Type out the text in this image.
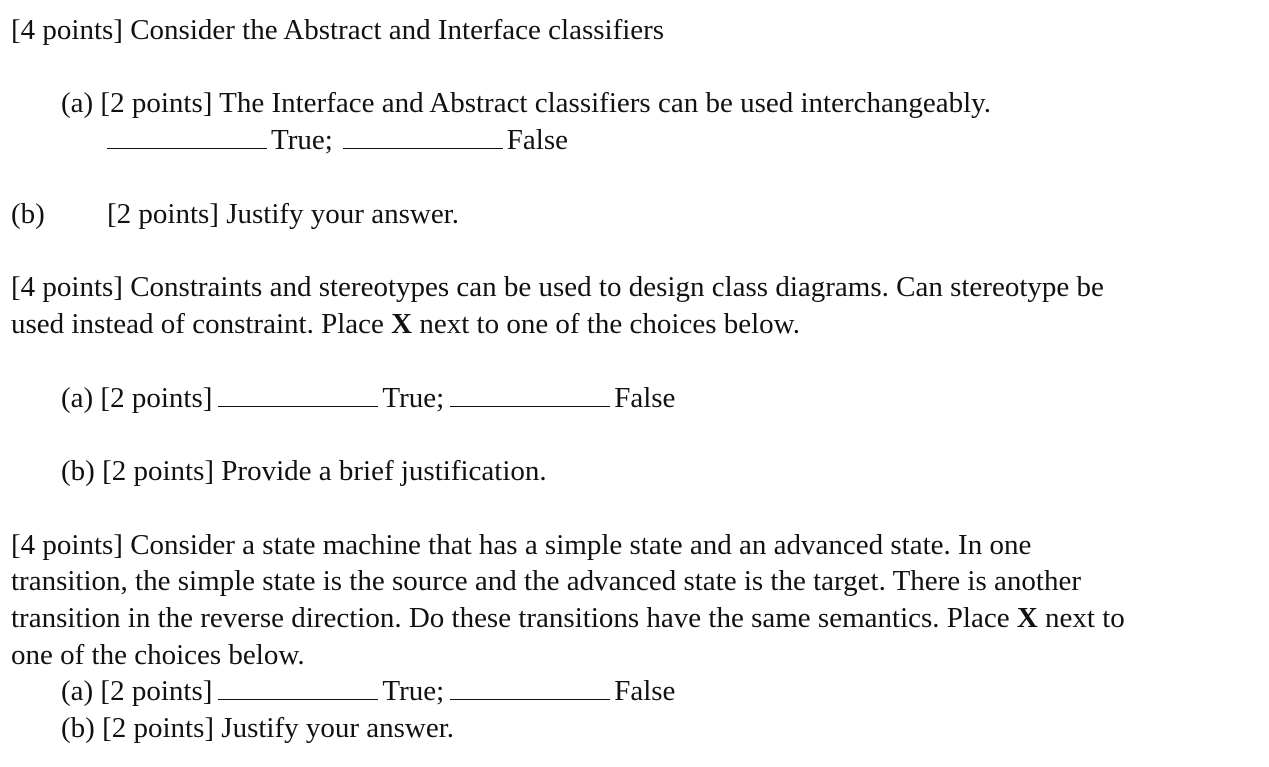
[4 points] Consider the Abstract and Interface classifiers
(a) [2 points] The Interface and Abstract classifiers can be used interchangeably.
True;	False
(b) [2 points] Justify your answer.
[4 points] Constraints and stereotypes can be used to design class diagrams. Can stereotype be
used instead of constraint. Place X next to one of the choices below.
(a) [2 points]	True;	False
(b) [2 points] Provide a brief justification.
[4 points] Consider a state machine that has a simple state and an advanced state. In one
transition, the simple state is the source and the advanced state is the target. There is another
transition in the reverse direction. Do these transitions have the same semantics. Place X next to
one of the choices below.
(a) [2 points]	True;	False
(b) [2 points] Justify your answer.
